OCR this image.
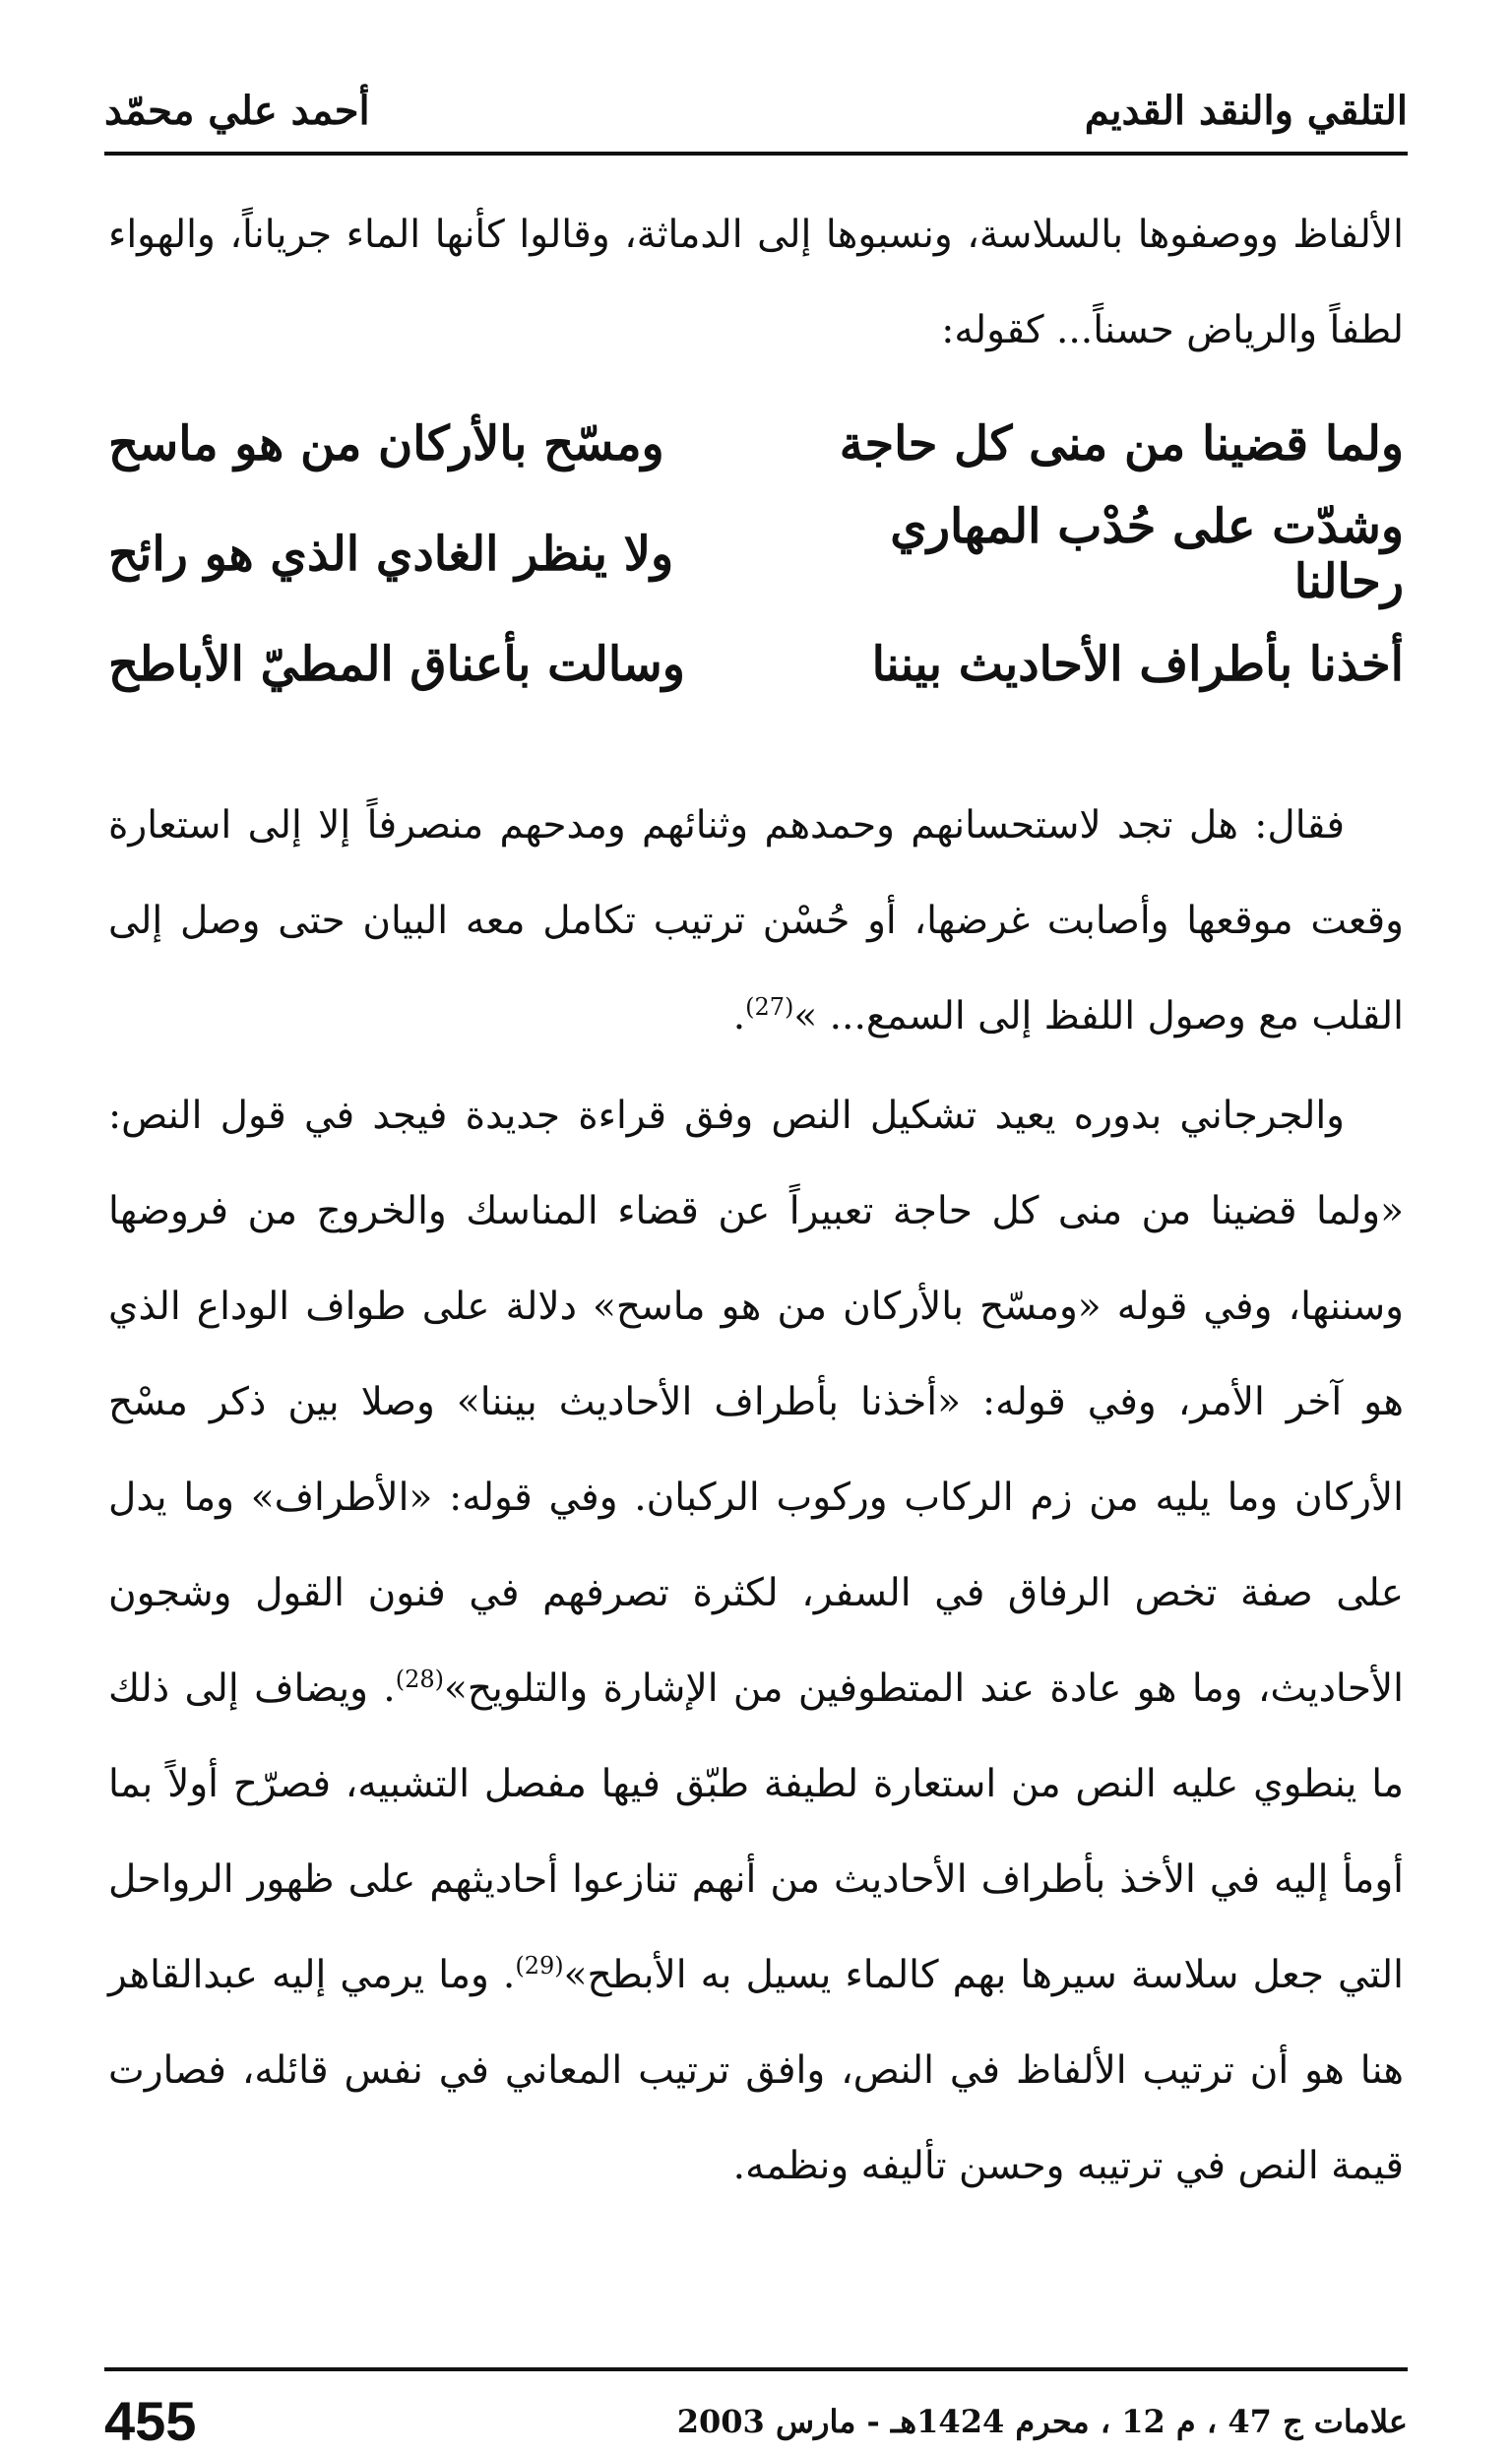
التلقي والنقد القديم
أحمد علي محمّد

الألفاظ ووصفوها بالسلاسة، ونسبوها إلى الدماثة، وقالوا كأنها الماء جرياناً، والهواء لطفاً والرياض حسناً... كقوله:

ولما قضينا من منى كل حاجة
ومسّح بالأركان من هو ماسح
وشدّت على حُدْب المهاري رحالنا
ولا ينظر الغادي الذي هو رائح
أخذنا بأطراف الأحاديث بيننا
وسالت بأعناق المطيّ الأباطح

فقال: هل تجد لاستحسانهم وحمدهم وثنائهم ومدحهم منصرفاً إلا إلى استعارة وقعت موقعها وأصابت غرضها، أو حُسْن ترتيب تكامل معه البيان حتى وصل إلى القلب مع وصول اللفظ إلى السمع... »$^{(27)}$.

والجرجاني بدوره يعيد تشكيل النص وفق قراءة جديدة فيجد في قول النص: «ولما قضينا من منى كل حاجة تعبيراً عن قضاء المناسك والخروج من فروضها وسننها، وفي قوله «ومسّح بالأركان من هو ماسح» دلالة على طواف الوداع الذي هو آخر الأمر، وفي قوله: «أخذنا بأطراف الأحاديث بيننا» وصلا بين ذكر مسْح الأركان وما يليه من زم الركاب وركوب الركبان. وفي قوله: «الأطراف» وما يدل على صفة تخص الرفاق في السفر، لكثرة تصرفهم في فنون القول وشجون الأحاديث، وما هو عادة عند المتطوفين من الإشارة والتلويح»$^{(28)}$. ويضاف إلى ذلك ما ينطوي عليه النص من استعارة لطيفة طبّق فيها مفصل التشبيه، فصرّح أولاً بما أومأ إليه في الأخذ بأطراف الأحاديث من أنهم تنازعوا أحاديثهم على ظهور الرواحل التي جعل سلاسة سيرها بهم كالماء يسيل به الأبطح»$^{(29)}$. وما يرمي إليه عبدالقاهر هنا هو أن ترتيب الألفاظ في النص، وافق ترتيب المعاني في نفس قائله، فصارت قيمة النص في ترتيبه وحسن تأليفه ونظمه.

علامات ج 47 ، م 12 ، محرم 1424هـ - مارس 2003
455
